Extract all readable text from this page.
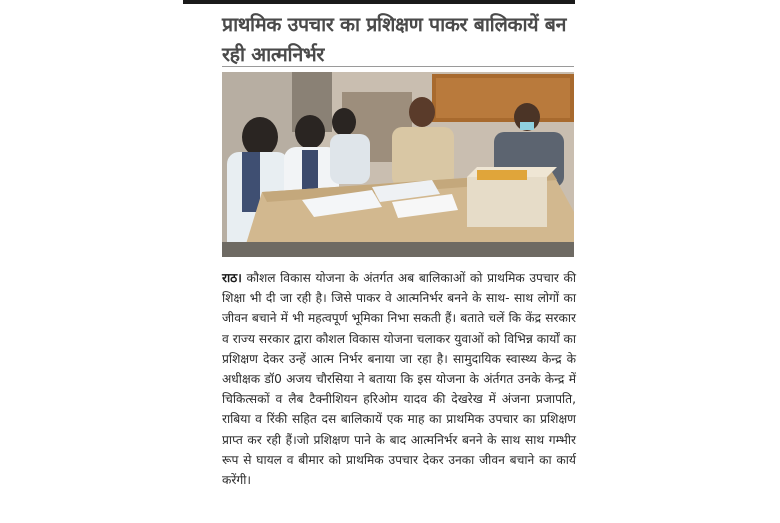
प्राथमिक उपचार का प्रशिक्षण पाकर बालिकायें बन रही आत्मनिर्भर

राठ। कौशल विकास योजना के अंतर्गत अब बालिकाओं को प्राथमिक उपचार की शिक्षा भी दी जा रही है। जिसे पाकर वे आत्मनिर्भर बनने के साथ- साथ लोगों का जीवन बचाने में भी महत्वपूर्ण भूमिका निभा सकती हैं। बताते चलें कि केंद्र सरकार व राज्य सरकार द्वारा कौशल विकास योजना चलाकर युवाओं को विभिन्न कार्यों का प्रशिक्षण देकर उन्हें आत्म निर्भर बनाया जा रहा है। सामुदायिक स्वास्थ्य केन्द्र के अधीक्षक डॉ0 अजय चौरसिया ने बताया कि इस योजना के अंर्तगत उनके केन्द्र में चिकित्सकों व लैब टैक्नीशियन हरिओम यादव की देखरेख में अंजना प्रजापति, राबिया व रिंकी सहित दस बालिकायें एक माह का प्राथमिक उपचार का प्रशिक्षण प्राप्त कर रही हैं।जो प्रशिक्षण पाने के बाद आत्मनिर्भर बनने के साथ साथ गम्भीर रूप से घायल व बीमार को प्राथमिक उपचार देकर उनका जीवन बचाने का कार्य करेंगी।
